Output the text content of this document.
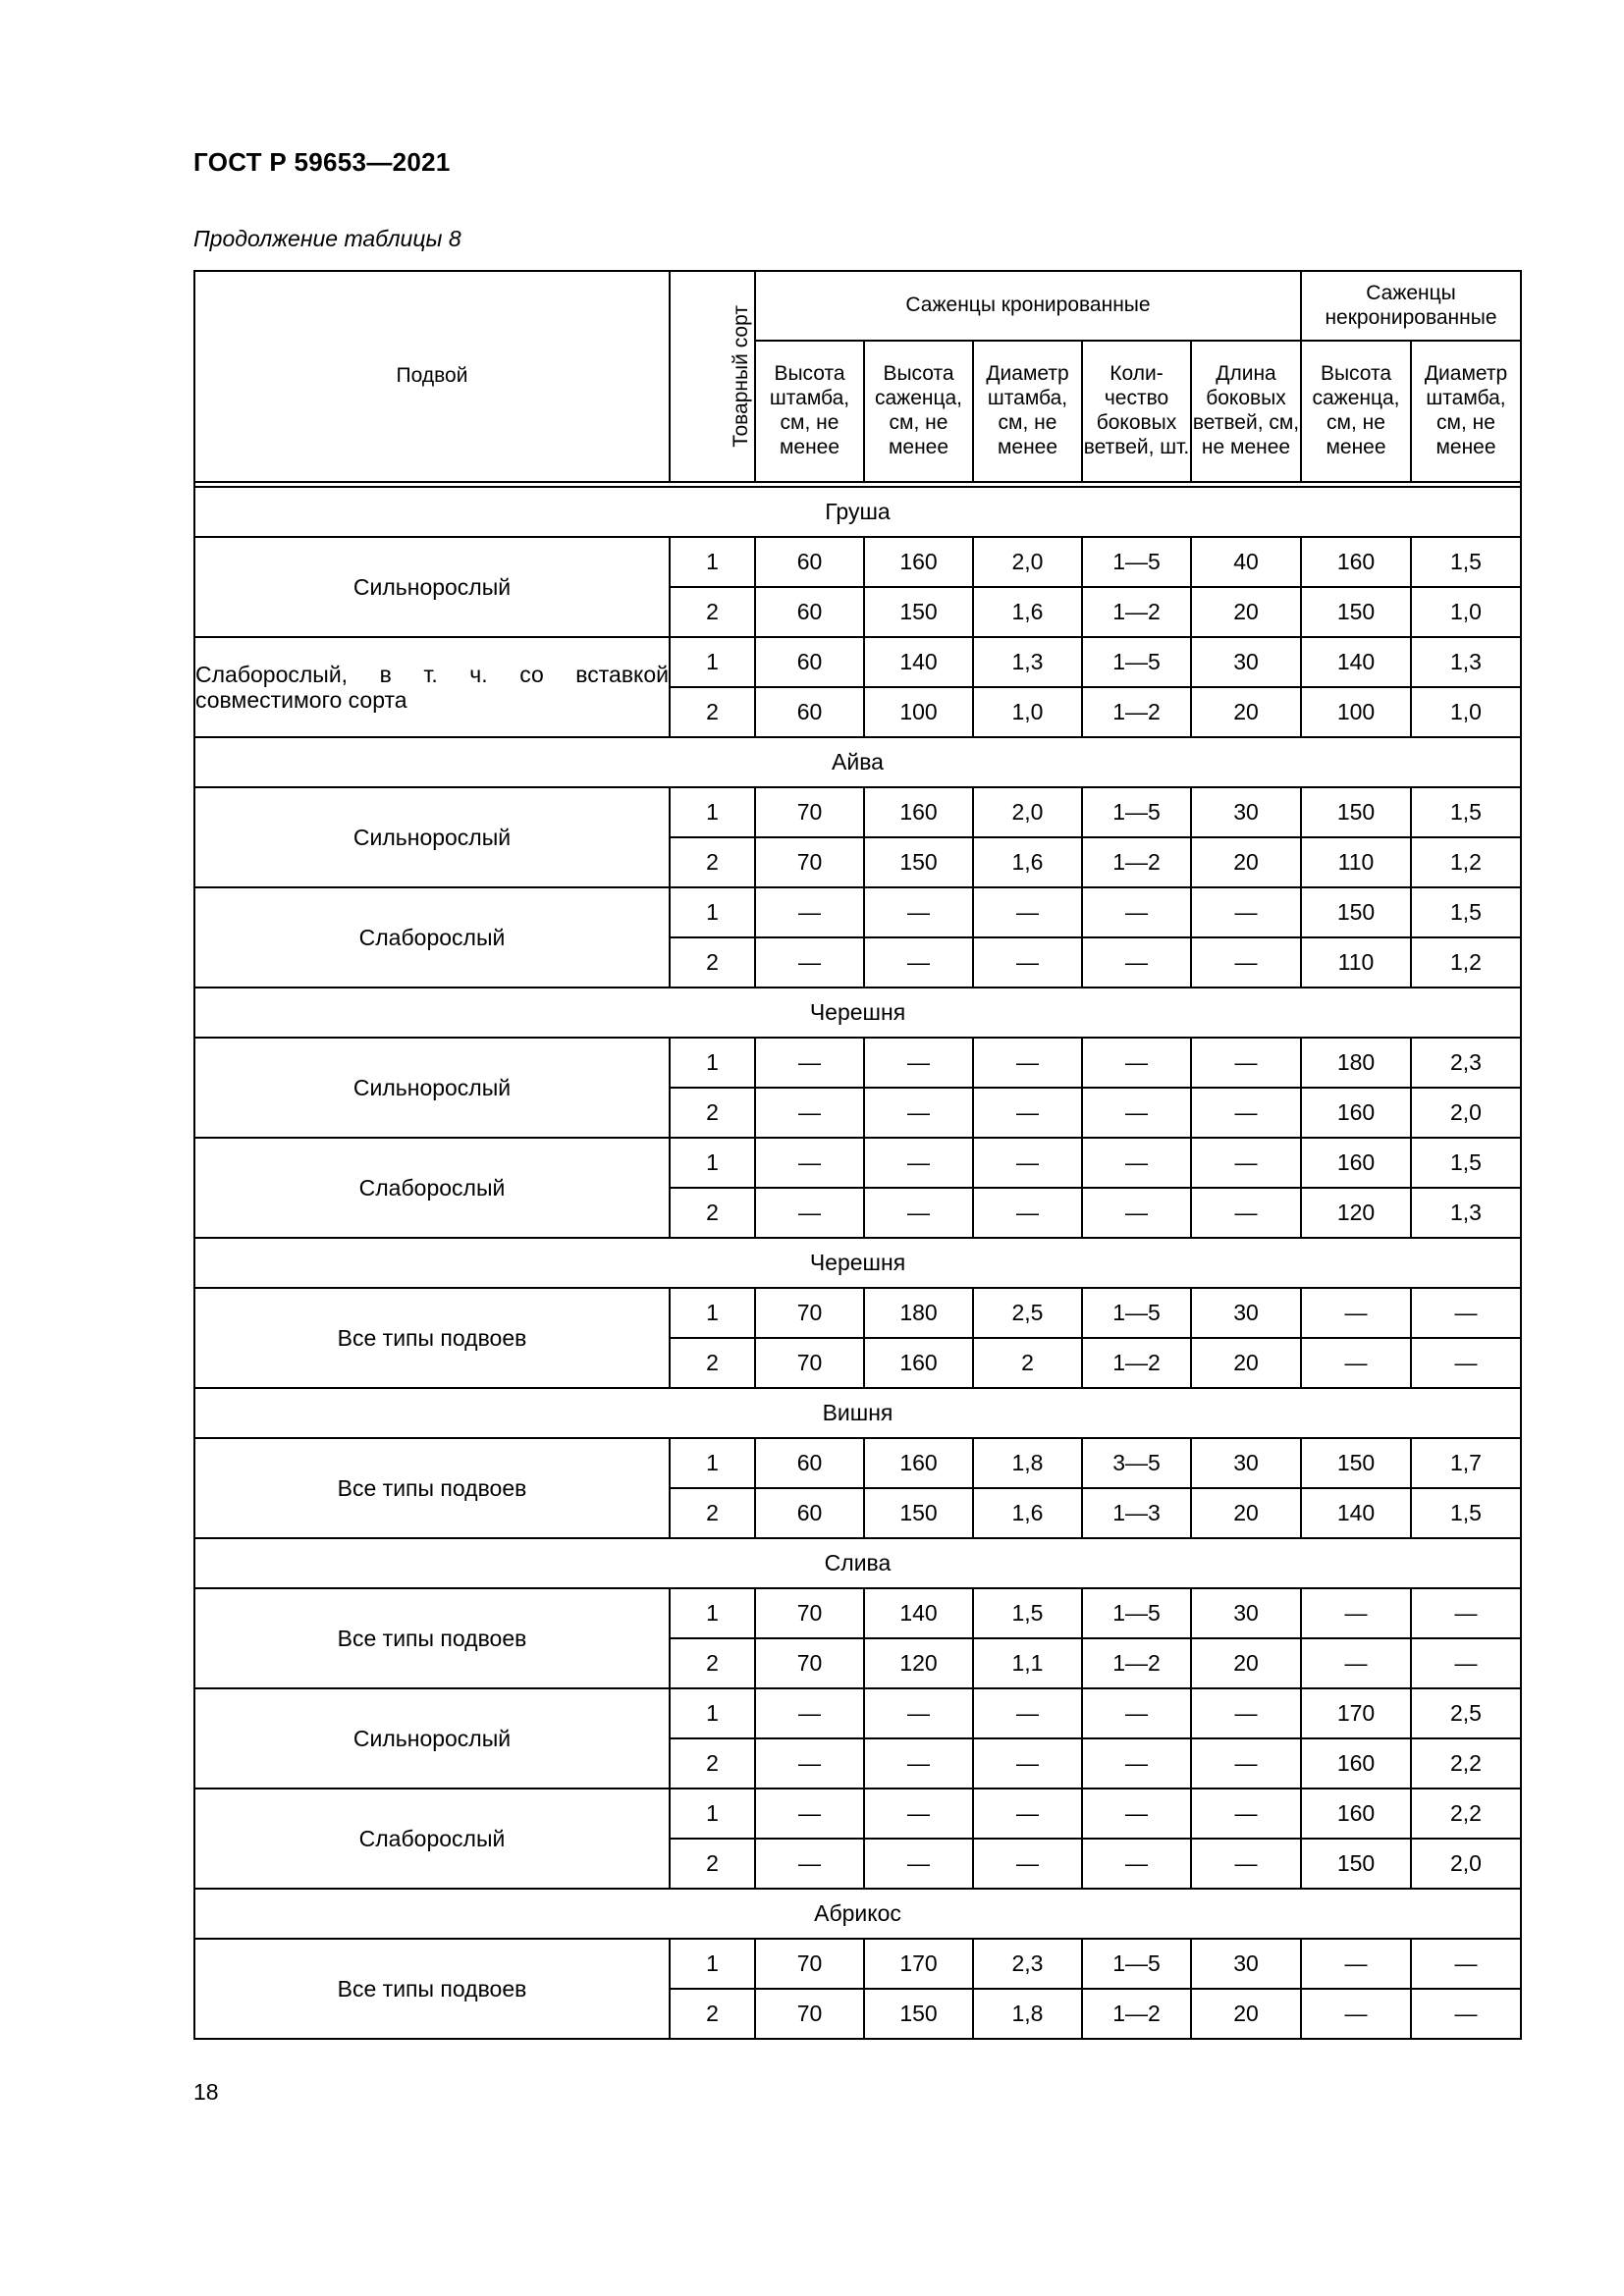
ГОСТ Р 59653—2021
Продолжение таблицы 8
Подвой	Товарный сорт	Саженцы кронированные					Саженцы некронированные	
		Высота штамба, см, не менее	Высота саженца, см, не менее	Диаметр штамба, см, не менее	Коли-чество боковых ветвей, шт.	Длина боковых ветвей, см, не менее	Высота саженца, см, не менее	Диаметр штамба, см, не менее

Груша								
Сильнорослый	1	60	160	2,0	1—5	40	160	1,5
	2	60	150	1,6	1—2	20	150	1,0
Слаборослый, в т. ч. со вставкой совместимого сорта	1	60	140	1,3	1—5	30	140	1,3
	2	60	100	1,0	1—2	20	100	1,0
Айва								
Сильнорослый	1	70	160	2,0	1—5	30	150	1,5
	2	70	150	1,6	1—2	20	110	1,2
Слаборослый	1	—	—	—	—	—	150	1,5
	2	—	—	—	—	—	110	1,2
Черешня								
Сильнорослый	1	—	—	—	—	—	180	2,3
	2	—	—	—	—	—	160	2,0
Слаборослый	1	—	—	—	—	—	160	1,5
	2	—	—	—	—	—	120	1,3
Черешня								
Все типы подвоев	1	70	180	2,5	1—5	30	—	—
	2	70	160	2	1—2	20	—	—
Вишня								
Все типы подвоев	1	60	160	1,8	3—5	30	150	1,7
	2	60	150	1,6	1—3	20	140	1,5
Слива								
Все типы подвоев	1	70	140	1,5	1—5	30	—	—
	2	70	120	1,1	1—2	20	—	—
Сильнорослый	1	—	—	—	—	—	170	2,5
	2	—	—	—	—	—	160	2,2
Слаборослый	1	—	—	—	—	—	160	2,2
	2	—	—	—	—	—	150	2,0
Абрикос								
Все типы подвоев	1	70	170	2,3	1—5	30	—	—
	2	70	150	1,8	1—2	20	—	—
18
